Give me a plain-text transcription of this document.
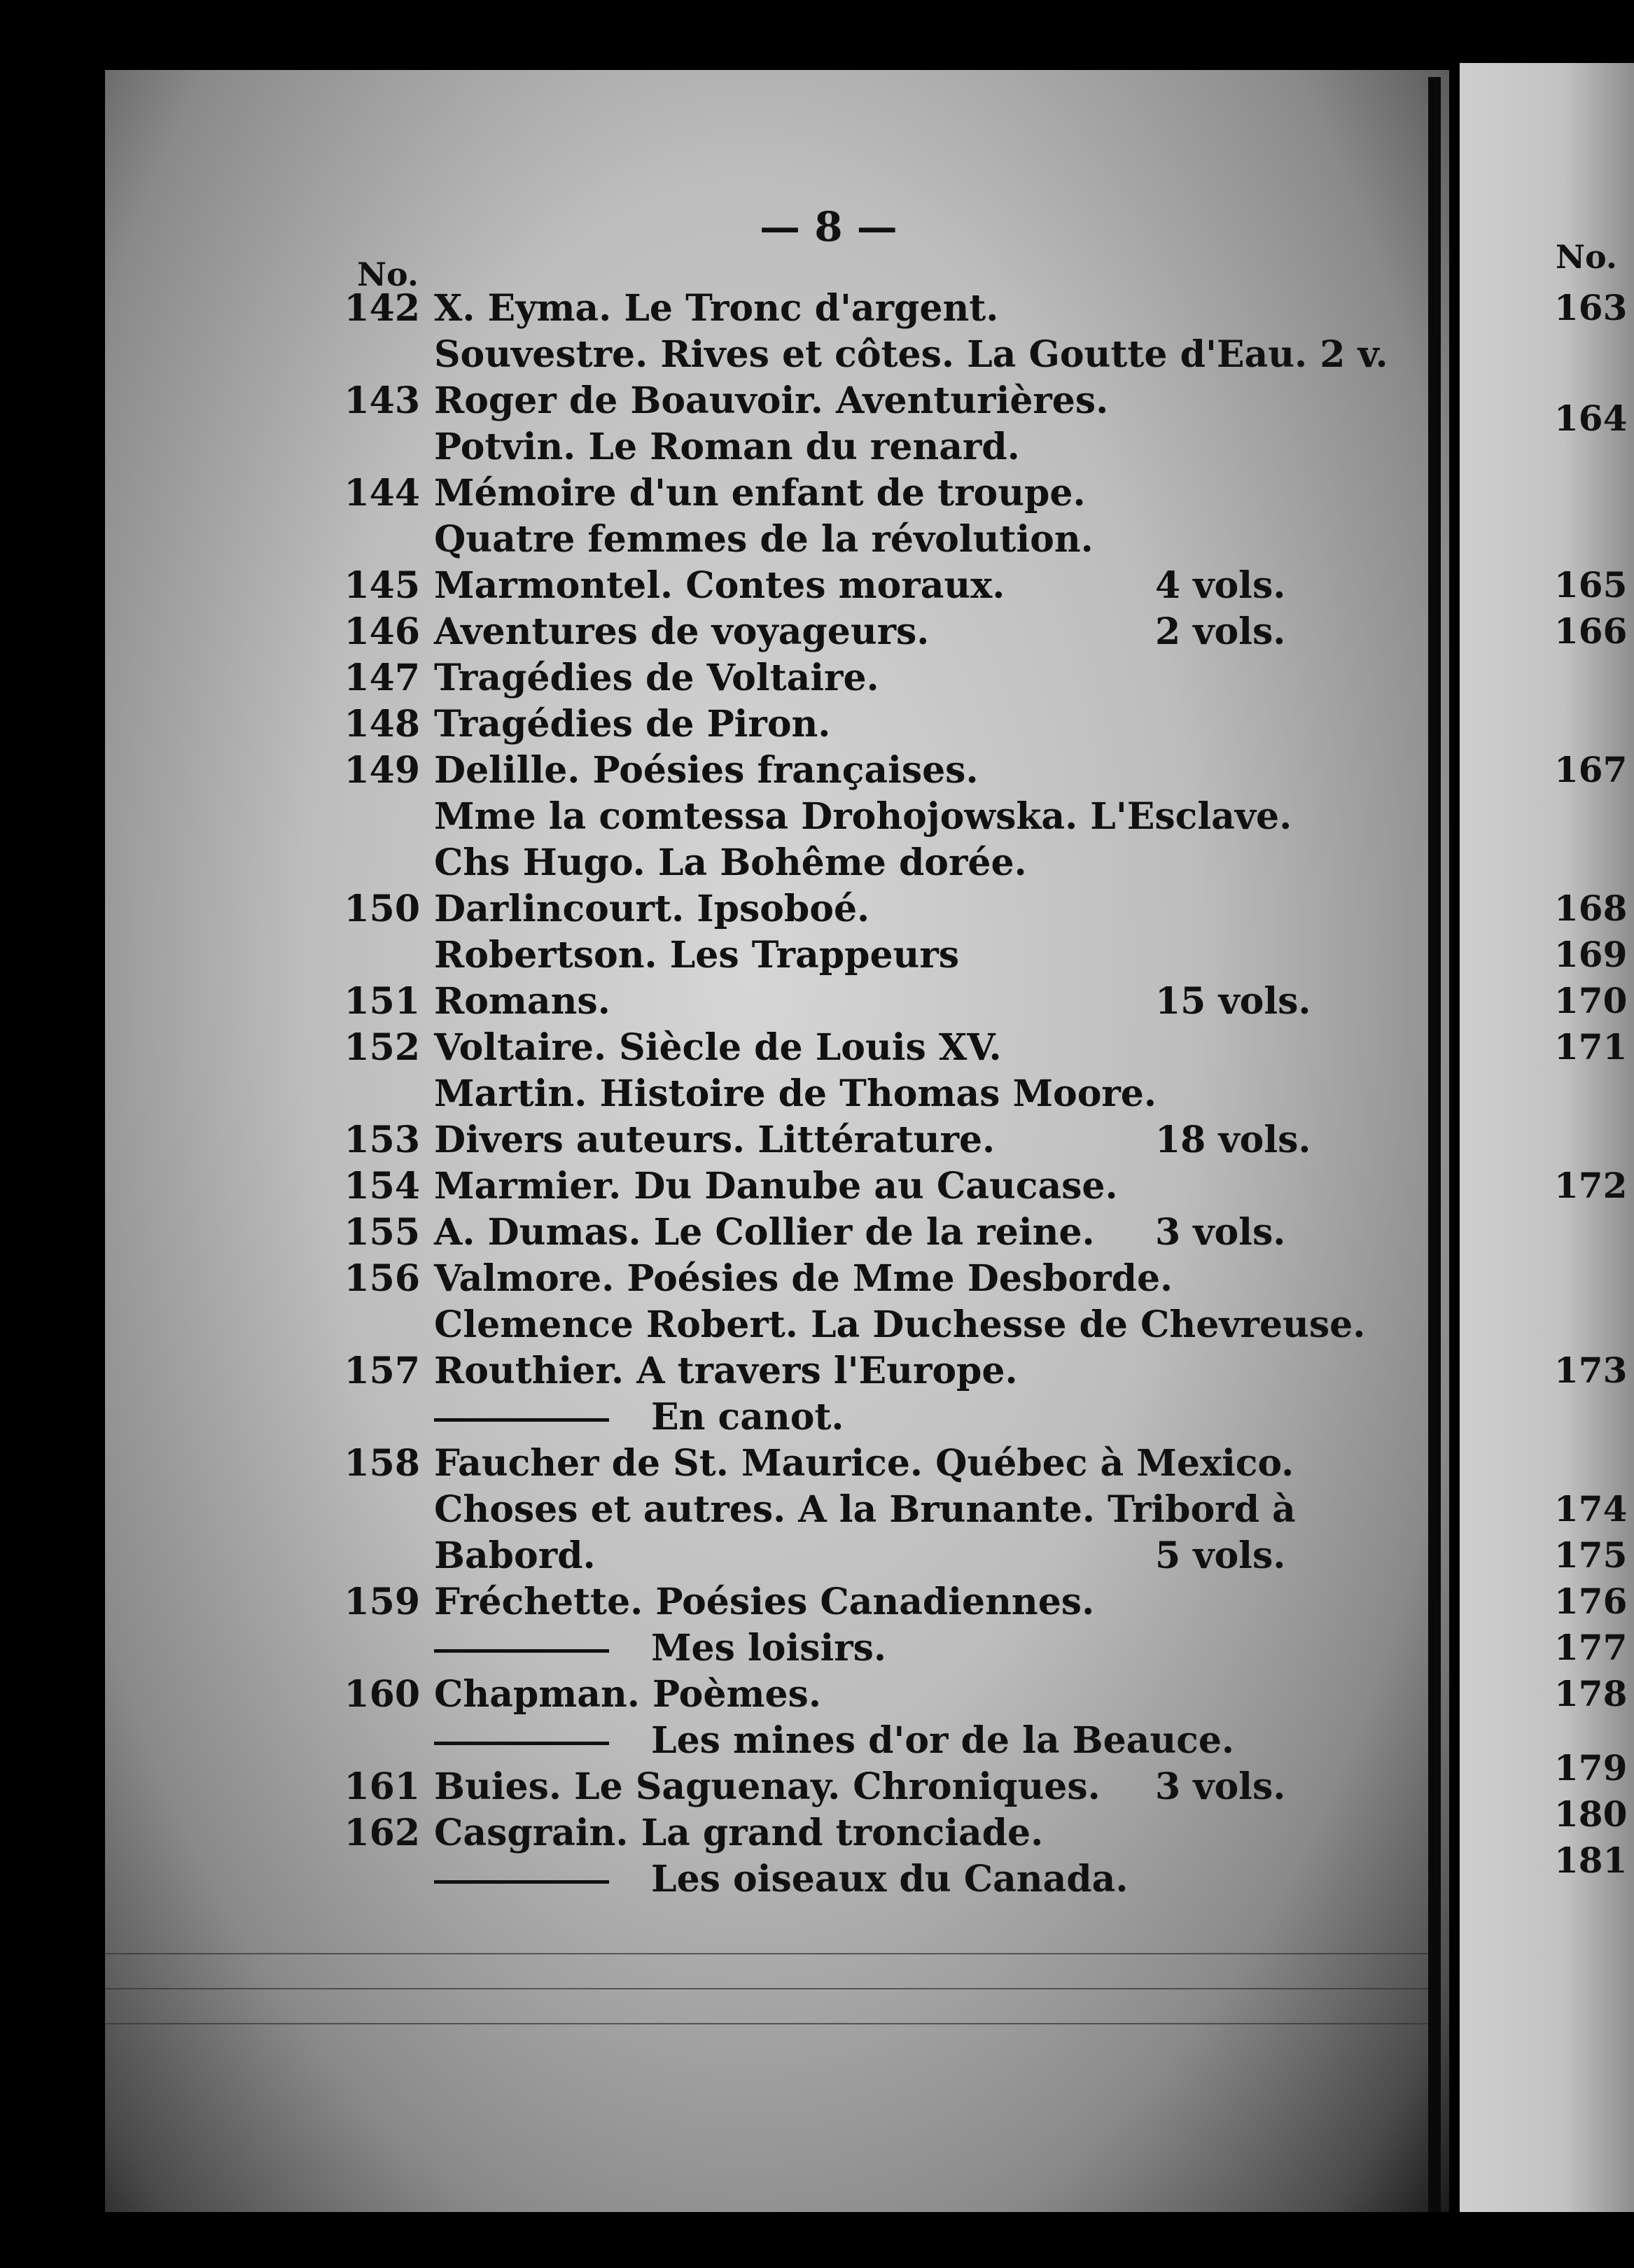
— 8 —
No.	No.
142 X. Eyma. Le Tronc d'argent.
Souvestre. Rives et côtes. La Goutte d'Eau. 2 v.
143 Roger de Boauvoir. Aventurières.
Potvin. Le Roman du renard.
144 Mémoire d'un enfant de troupe.
Quatre femmes de la révolution.
145 Marmontel. Contes moraux.	4 vols.
146 Aventures de voyageurs.	2 vols.
147 Tragédies de Voltaire.
148 Tragédies de Piron.
149 Delille. Poésies françaises.
Mme la comtessa Drohojowska. L'Esclave.
Chs Hugo. La Bohême dorée.
150 Darlincourt. Ipsoboé.
Robertson. Les Trappeurs
151 Romans.	15 vols.
152 Voltaire. Siècle de Louis XV.
Martin. Histoire de Thomas Moore.
153 Divers auteurs. Littérature.	18 vols.
154 Marmier. Du Danube au Caucase.
155 A. Dumas. Le Collier de la reine. 3 vols.
156 Valmore. Poésies de Mme Desborde.
Clemence Robert. La Duchesse de Chevreuse.
157 Routhier. A travers l'Europe.
En canot.
158 Faucher de St. Maurice. Québec à Mexico.
Choses et autres. A la Brunante. Tribord à
Babord.	5 vols.
159 Fréchette. Poésies Canadiennes.
Mes loisirs.
160 Chapman. Poèmes.
Les mines d'or de la Beauce.
161 Buies. Le Saguenay. Chroniques. 3 vols.
162 Casgrain. La grand tronciade.
Les oiseaux du Canada.
163
164
165
166
167
168
169
170
171
172
173
174
175
176
177
178
179
180
181
